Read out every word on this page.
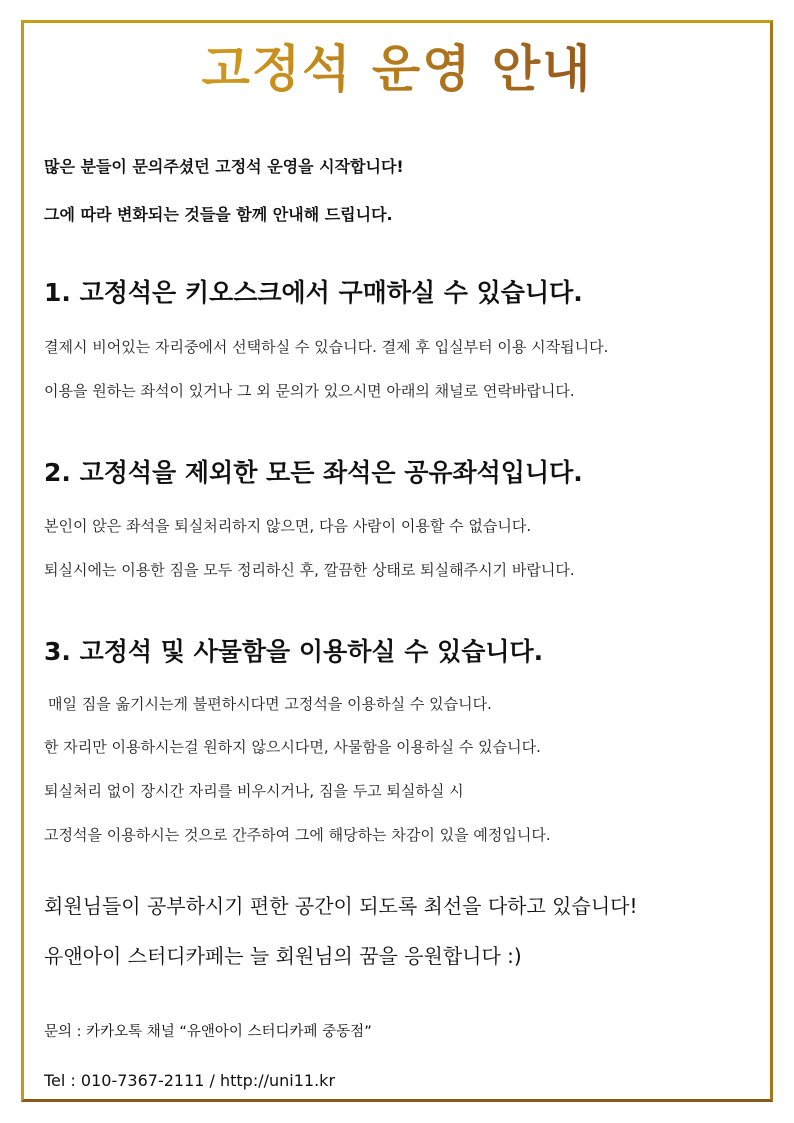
고정석 운영 안내

많은 분들이 문의주셨던 고정석 운영을 시작합니다!

그에 따라 변화되는 것들을 함께 안내해 드립니다.

1. 고정석은 키오스크에서 구매하실 수 있습니다.

결제시 비어있는 자리중에서 선택하실 수 있습니다. 결제 후 입실부터 이용 시작됩니다.

이용을 원하는 좌석이 있거나 그 외 문의가 있으시면 아래의 채널로 연락바랍니다.

2. 고정석을 제외한 모든 좌석은 공유좌석입니다.

본인이 앉은 좌석을 퇴실처리하지 않으면, 다음 사람이 이용할 수 없습니다.

퇴실시에는 이용한 짐을 모두 정리하신 후, 깔끔한 상태로 퇴실해주시기 바랍니다.

3. 고정석 및 사물함을 이용하실 수 있습니다.

매일 짐을 옮기시는게 불편하시다면 고정석을 이용하실 수 있습니다.

한 자리만 이용하시는걸 원하지 않으시다면, 사물함을 이용하실 수 있습니다.

퇴실처리 없이 장시간 자리를 비우시거나, 짐을 두고 퇴실하실 시

고정석을 이용하시는 것으로 간주하여 그에 해당하는 차감이 있을 예정입니다.

회원님들이 공부하시기 편한 공간이 되도록 최선을 다하고 있습니다!

유앤아이 스터디카페는 늘 회원님의 꿈을 응원합니다 :)

문의 : 카카오톡 채널 “유앤아이 스터디카페 중동점”

Tel : 010-7367-2111 / http://uni11.kr
